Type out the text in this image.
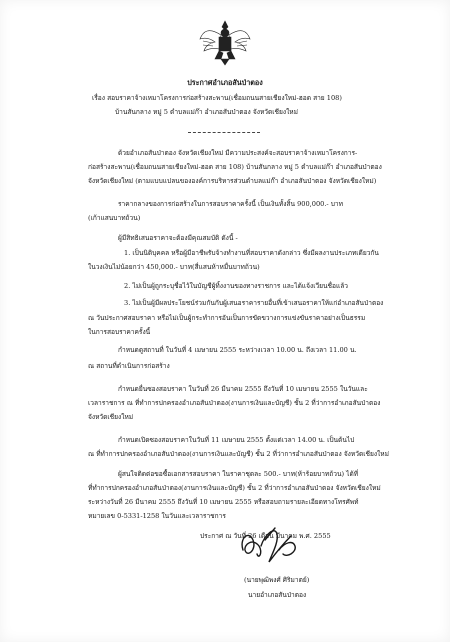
ประกาศอำเภอสันป่าตอง
เรื่อง สอบราคาจ้างเหมาโครงการก่อสร้างสะพาน(เชื่อมถนนสายเชียงใหม่-ฮอด สาย 108)
บ้านสันกลาง หมู่ 5 ตำบลแม่ก๊า อำเภอสันป่าตอง จังหวัดเชียงใหม่
ด้วยอำเภอสันป่าตอง จังหวัดเชียงใหม่ มีความประสงค์จะสอบราคาจ้างเหมาโครงการ-
ก่อสร้างสะพาน(เชื่อมถนนสายเชียงใหม่-ฮอด สาย 108) บ้านสันกลาง หมู่ 5 ตำบลแม่ก๊า อำเภอสันป่าตอง
จังหวัดเชียงใหม่ (ตามแบบแปลนขององค์การบริหารส่วนตำบลแม่ก๊า อำเภอสันป่าตอง จังหวัดเชียงใหม่)
ราคากลางของการก่อสร้างในการสอบราคาครั้งนี้ เป็นเงินทั้งสิ้น 900,000.- บาท
(เก้าแสนบาทถ้วน)
ผู้มีสิทธิเสนอราคาจะต้องมีคุณสมบัติ ดังนี้ -
1. เป็นนิติบุคคล หรือผู้มีอาชีพรับจ้างทำงานที่สอบราคาดังกล่าว ซึ่งมีผลงานประเภทเดียวกัน
ในวงเงินไม่น้อยกว่า 450,000.- บาท(สี่แสนห้าหมื่นบาทถ้วน)
2. ไม่เป็นผู้ถูกระบุชื่อไว้ในบัญชีผู้ทิ้งงานของทางราชการ และได้แจ้งเวียนชื่อแล้ว
3. ไม่เป็นผู้มีผลประโยชน์ร่วมกันกับผู้เสนอราคารายอื่นที่เข้าเสนอราคาให้แก่อำเภอสันป่าตอง
ณ วันประกาศสอบราคา หรือไม่เป็นผู้กระทำการอันเป็นการขัดขวางการแข่งขันราคาอย่างเป็นธรรม
ในการสอบราคาครั้งนี้
กำหนดดูสถานที่ ในวันที่ 4 เมษายน 2555 ระหว่างเวลา 10.00 น. ถึงเวลา 11.00 น.
ณ สถานที่ดำเนินการก่อสร้าง
กำหนดยื่นซองสอบราคา ในวันที่ 26 มีนาคม 2555 ถึงวันที่ 10 เมษายน 2555 ในวันและ
เวลาราชการ ณ ที่ทำการปกครองอำเภอสันป่าตอง(งานการเงินและบัญชี) ชั้น 2 ที่ว่าการอำเภอสันป่าตอง
จังหวัดเชียงใหม่
กำหนดเปิดซองสอบราคาในวันที่ 11 เมษายน 2555 ตั้งแต่เวลา 14.00 น. เป็นต้นไป
ณ ที่ทำการปกครองอำเภอสันป่าตอง(งานการเงินและบัญชี) ชั้น 2 ที่ว่าการอำเภอสันป่าตอง จังหวัดเชียงใหม่
ผู้สนใจติดต่อขอซื้อเอกสารสอบราคา ในราคาชุดละ 500.- บาท(ห้าร้อยบาทถ้วน) ได้ที่
ที่ทำการปกครองอำเภอสันป่าตอง(งานการเงินและบัญชี) ชั้น 2 ที่ว่าการอำเภอสันป่าตอง จังหวัดเชียงใหม่
ระหว่างวันที่ 26 มีนาคม 2555 ถึงวันที่ 10 เมษายน 2555 หรือสอบถามรายละเอียดทางโทรศัพท์
หมายเลข 0-5331-1258 ในวันและเวลาราชการ
ประกาศ ณ วันที่ 26 เดือน มีนาคม พ.ศ. 2555
(นายพุฒิพงศ์ ศิริมาตย์)
นายอำเภอสันป่าตอง
